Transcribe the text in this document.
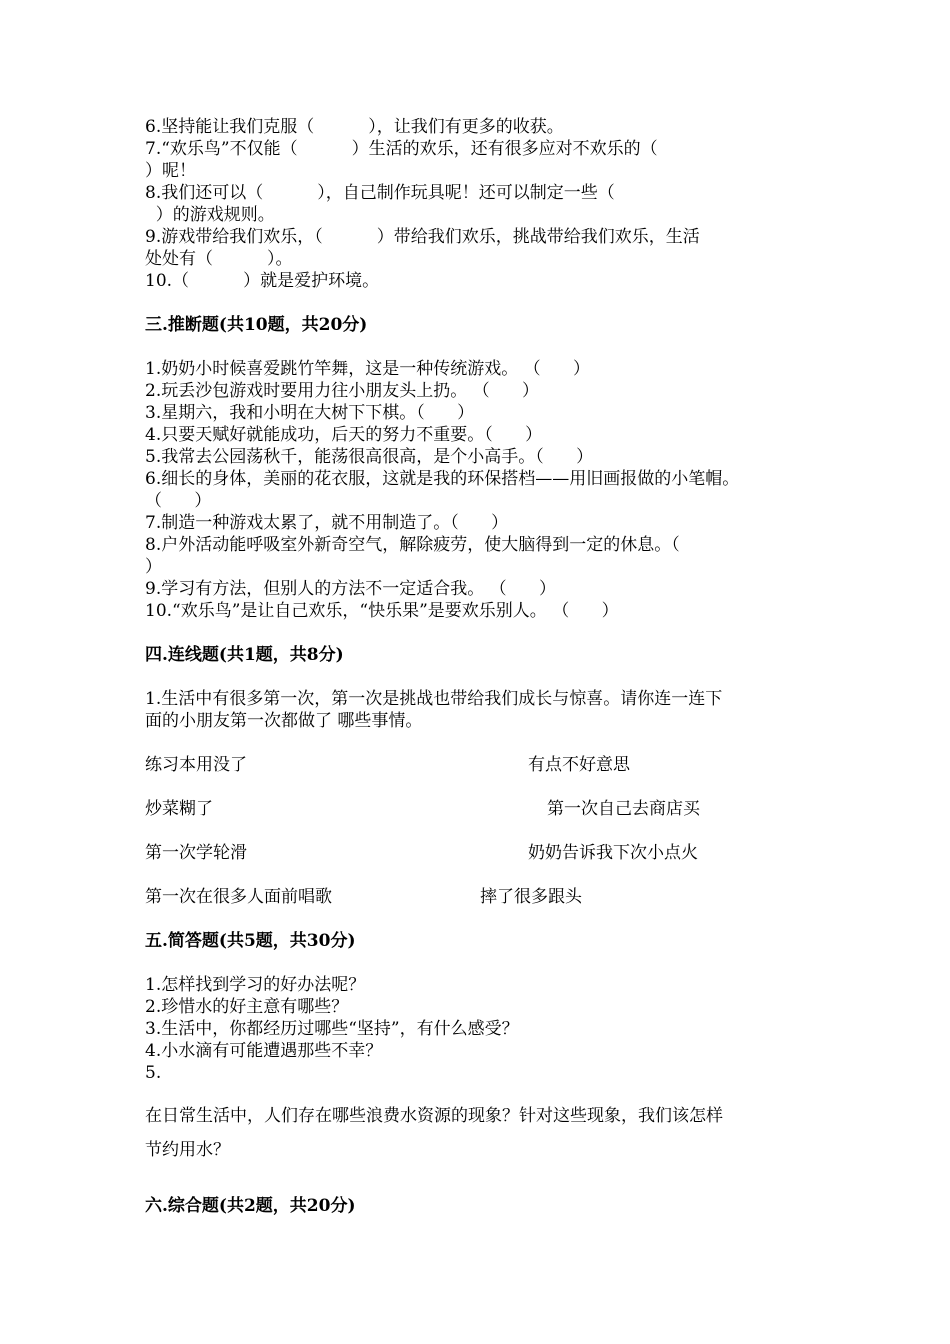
6.坚持能让我们克服（          ），让我们有更多的收获。
7.“欢乐鸟”不仅能（          ）生活的欢乐，还有很多应对不欢乐的（
）呢！
8.我们还可以（          ），自己制作玩具呢！还可以制定一些（
）的游戏规则。
9.游戏带给我们欢乐，（          ）带给我们欢乐，挑战带给我们欢乐，生活
处处有（          ）。
10.（          ）就是爱护环境。
三.推断题(共10题，共20分)
1.奶奶小时候喜爱跳竹竿舞，这是一种传统游戏。 （      ）
2.玩丢沙包游戏时要用力往小朋友头上扔。 （      ）
3.星期六，我和小明在大树下下棋。（      ）
4.只要天赋好就能成功，后天的努力不重要。（      ）
5.我常去公园荡秋千，能荡很高很高，是个小高手。（      ）
6.细长的身体，美丽的花衣服，这就是我的环保搭档——用旧画报做的小笔帽。
（      ）
7.制造一种游戏太累了，就不用制造了。（      ）
8.户外活动能呼吸室外新奇空气，解除疲劳，使大脑得到一定的休息。（
）
9.学习有方法，但别人的方法不一定适合我。 （      ）
10.“欢乐鸟”是让自己欢乐，“快乐果”是要欢乐别人。 （      ）
四.连线题(共1题，共8分)
1.生活中有很多第一次，第一次是挑战也带给我们成长与惊喜。请你连一连下
面的小朋友第一次都做了 哪些事情。
练习本用没了	有点不好意思
炒菜糊了	第一次自己去商店买
第一次学轮滑	奶奶告诉我下次小点火
第一次在很多人面前唱歌	摔了很多跟头
五.简答题(共5题，共30分)
1.怎样找到学习的好办法呢？
2.珍惜水的好主意有哪些？
3.生活中，你都经历过哪些“坚持”，有什么感受？
4.小水滴有可能遭遇那些不幸？
5.
在日常生活中，人们存在哪些浪费水资源的现象？针对这些现象，我们该怎样
节约用水？
六.综合题(共2题，共20分)
